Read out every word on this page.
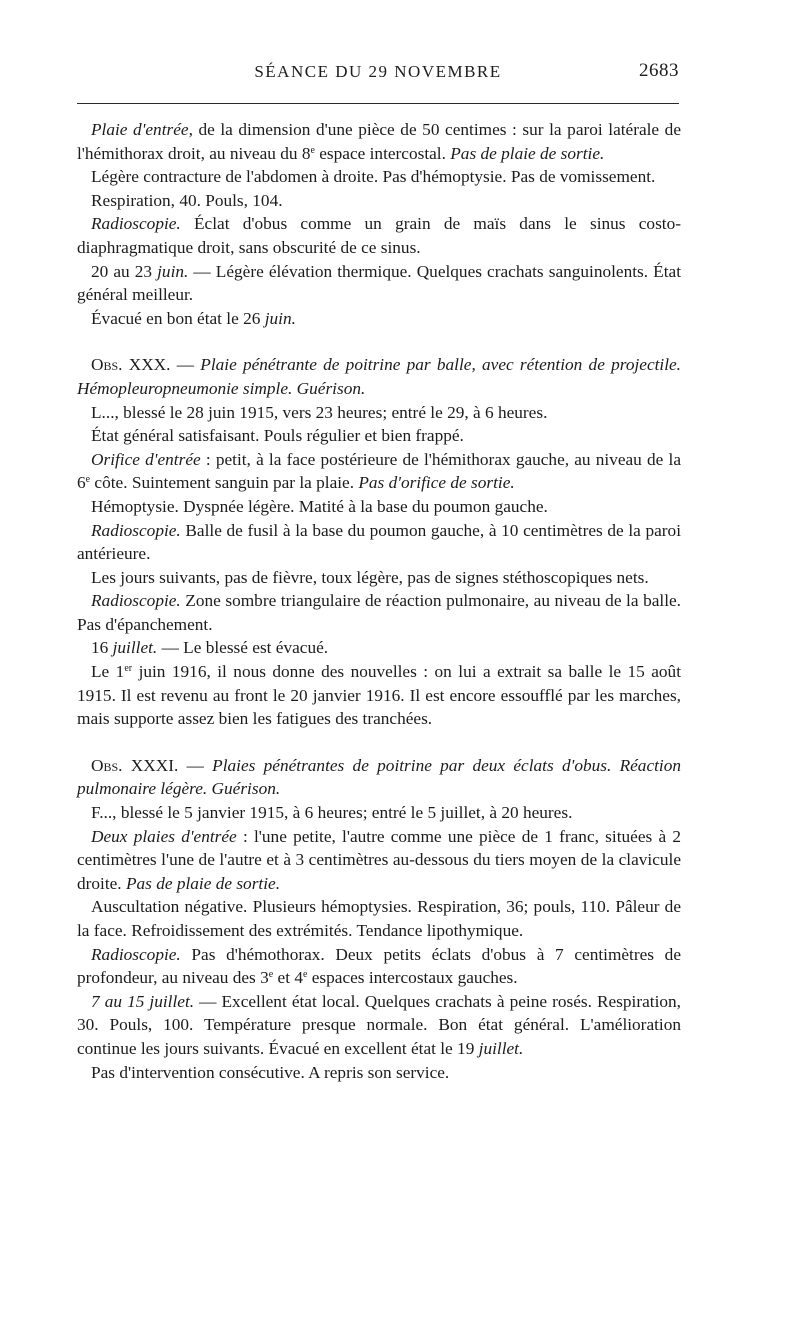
SÉANCE DU 29 NOVEMBRE	2683

Plaie d'entrée, de la dimension d'une pièce de 50 centimes : sur la paroi latérale de l'hémithorax droit, au niveau du 8e espace intercostal. Pas de plaie de sortie.

Légère contracture de l'abdomen à droite. Pas d'hémoptysie. Pas de vomissement.

Respiration, 40. Pouls, 104.

Radioscopie. Éclat d'obus comme un grain de maïs dans le sinus costo-diaphragmatique droit, sans obscurité de ce sinus.

20 au 23 juin. — Légère élévation thermique. Quelques crachats sanguinolents. État général meilleur.

Évacué en bon état le 26 juin.

Obs. XXX. — Plaie pénétrante de poitrine par balle, avec rétention de projectile. Hémopleuropneumonie simple. Guérison.

L..., blessé le 28 juin 1915, vers 23 heures; entré le 29, à 6 heures.

État général satisfaisant. Pouls régulier et bien frappé.

Orifice d'entrée : petit, à la face postérieure de l'hémithorax gauche, au niveau de la 6e côte. Suintement sanguin par la plaie. Pas d'orifice de sortie.

Hémoptysie. Dyspnée légère. Matité à la base du poumon gauche.

Radioscopie. Balle de fusil à la base du poumon gauche, à 10 centimètres de la paroi antérieure.

Les jours suivants, pas de fièvre, toux légère, pas de signes stéthoscopiques nets.

Radioscopie. Zone sombre triangulaire de réaction pulmonaire, au niveau de la balle. Pas d'épanchement.

16 juillet. — Le blessé est évacué.

Le 1er juin 1916, il nous donne des nouvelles : on lui a extrait sa balle le 15 août 1915. Il est revenu au front le 20 janvier 1916. Il est encore essoufflé par les marches, mais supporte assez bien les fatigues des tranchées.

Obs. XXXI. — Plaies pénétrantes de poitrine par deux éclats d'obus. Réaction pulmonaire légère. Guérison.

F..., blessé le 5 janvier 1915, à 6 heures; entré le 5 juillet, à 20 heures.

Deux plaies d'entrée : l'une petite, l'autre comme une pièce de 1 franc, situées à 2 centimètres l'une de l'autre et à 3 centimètres au-dessous du tiers moyen de la clavicule droite. Pas de plaie de sortie.

Auscultation négative. Plusieurs hémoptysies. Respiration, 36; pouls, 110. Pâleur de la face. Refroidissement des extrémités. Tendance lipothymique.

Radioscopie. Pas d'hémothorax. Deux petits éclats d'obus à 7 centimètres de profondeur, au niveau des 3e et 4e espaces intercostaux gauches.

7 au 15 juillet. — Excellent état local. Quelques crachats à peine rosés. Respiration, 30. Pouls, 100. Température presque normale. Bon état général. L'amélioration continue les jours suivants. Évacué en excellent état le 19 juillet.

Pas d'intervention consécutive. A repris son service.
